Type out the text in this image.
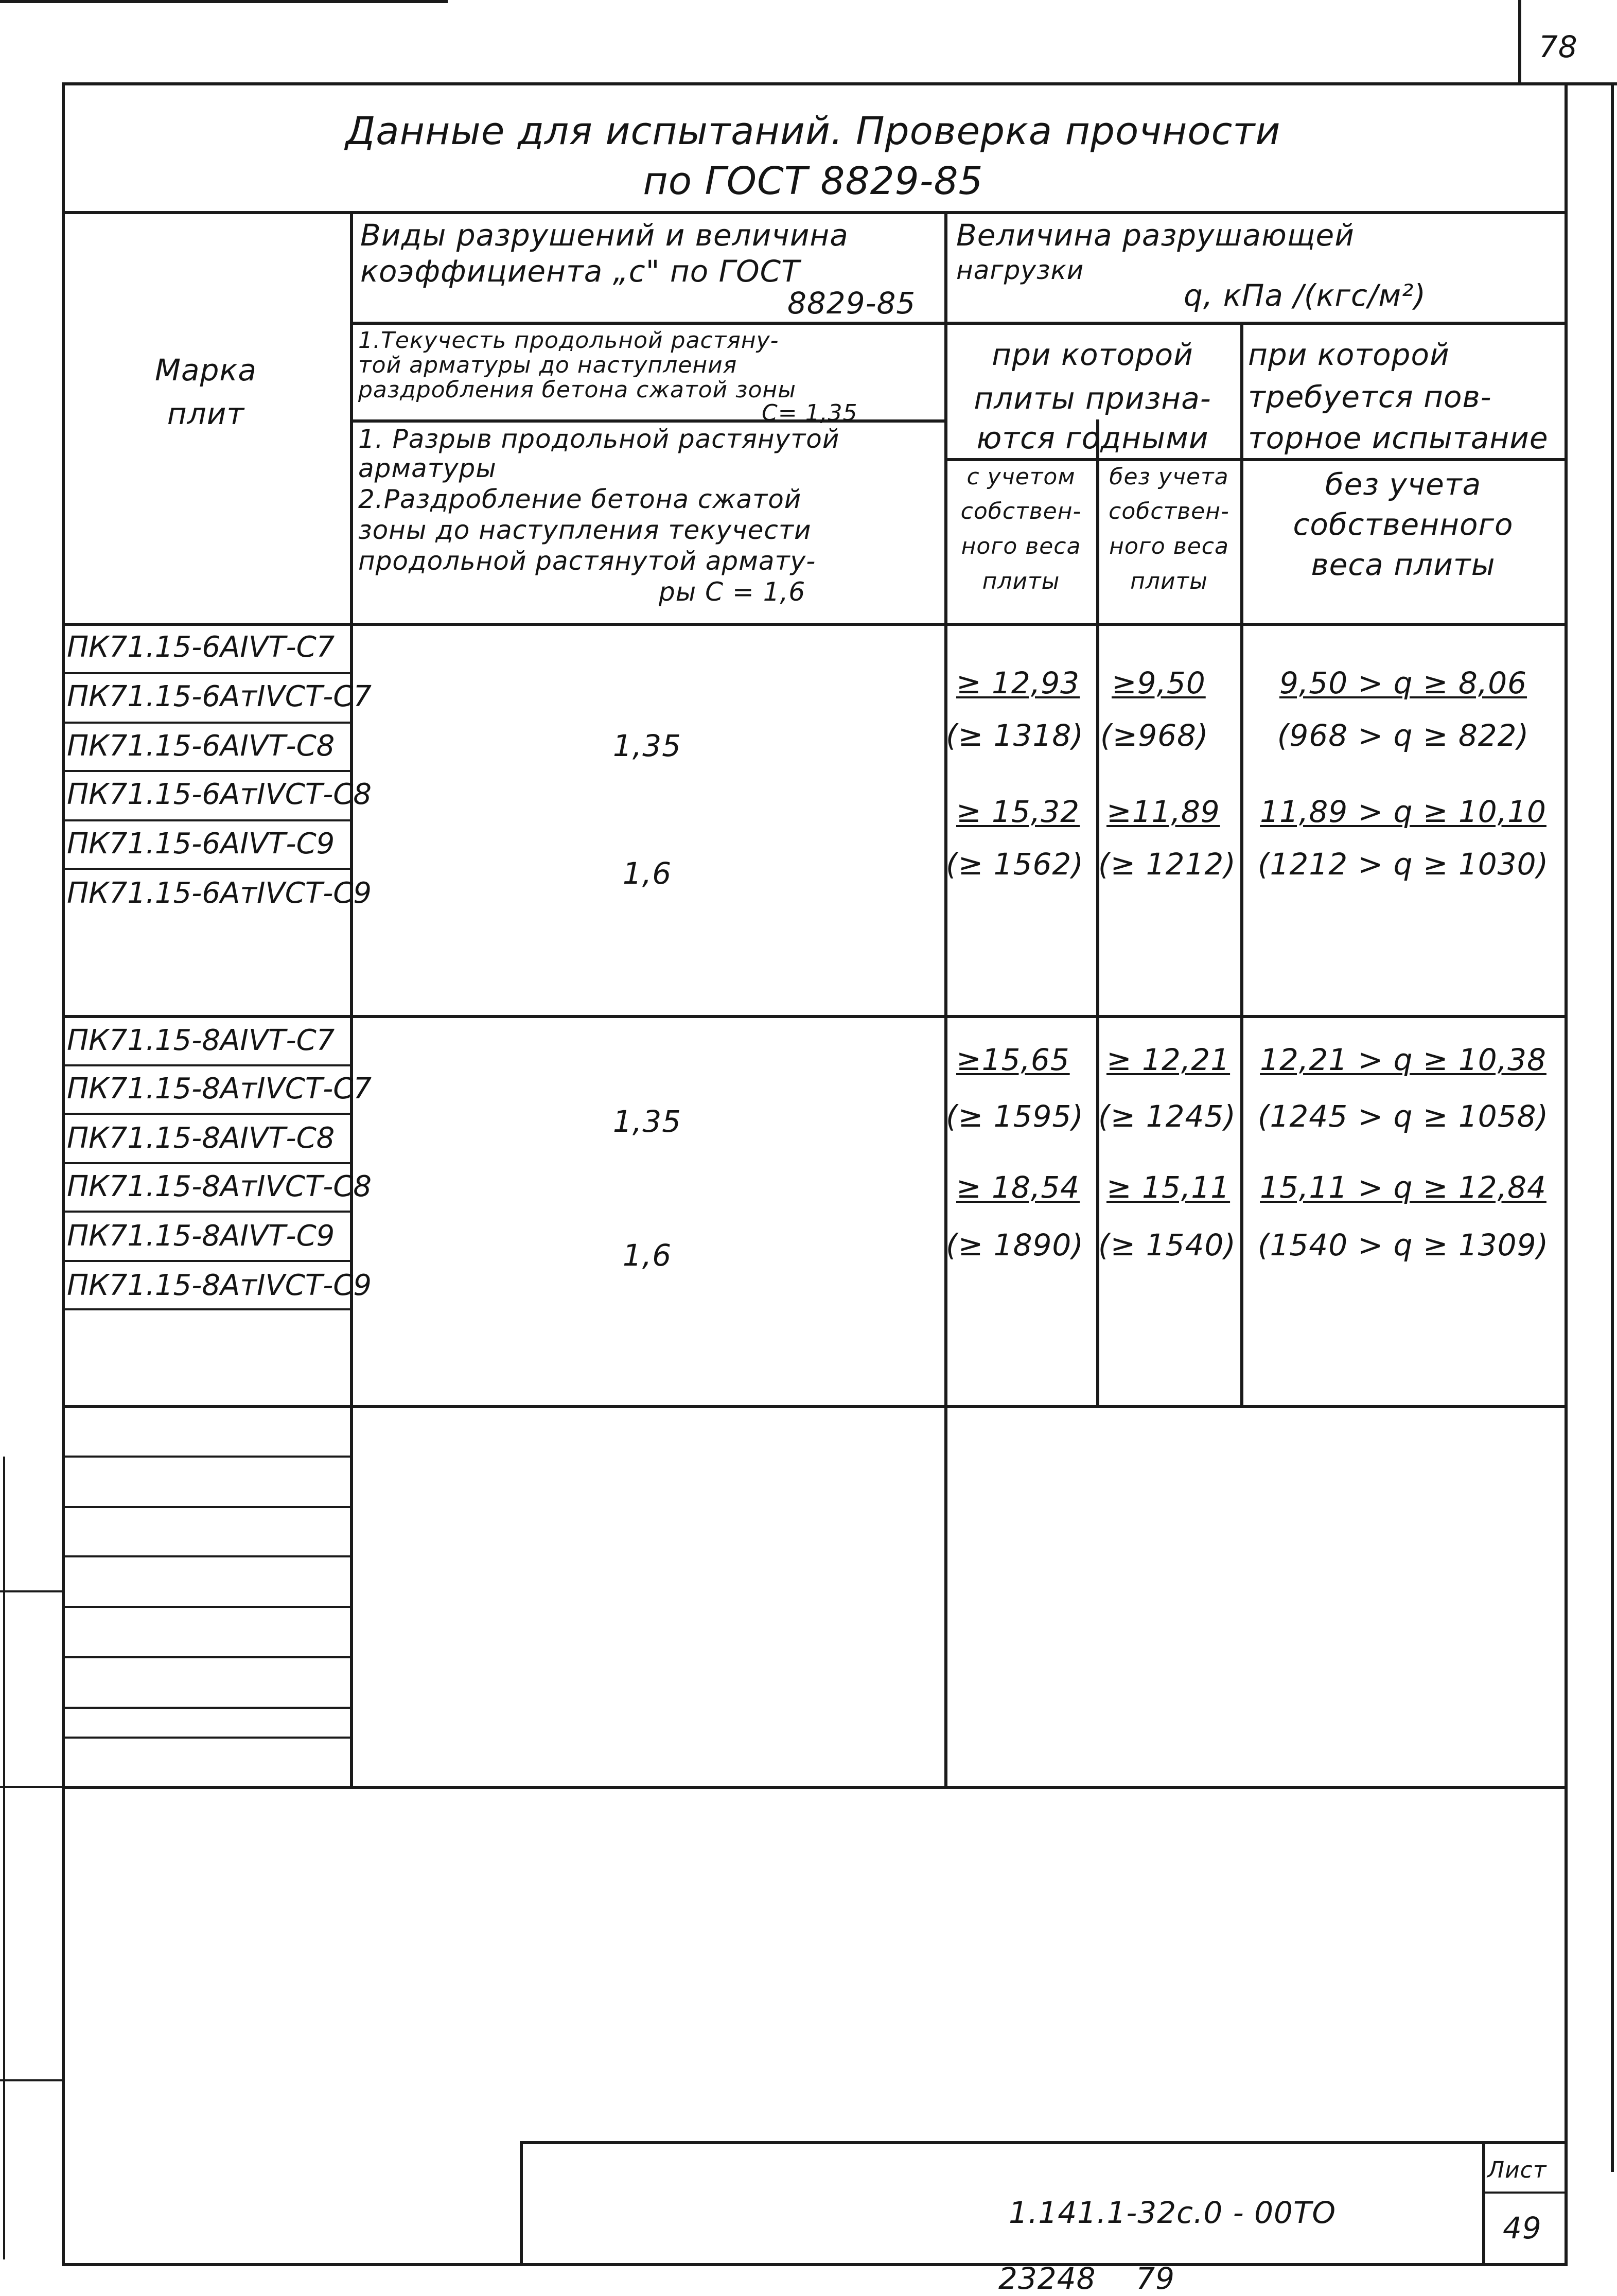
78
Данные для испытаний. Проверка прочности
по ГОСТ 8829-85
Марка
плит
Виды разрушений и величина
коэффициента „с" по ГОСТ
8829-85
Величина разрушающей
нагрузки
q, кПа /(кгс/м²)
1.Текучесть продольной растяну-
той арматуры до наступления
раздробления бетона сжатой зоны
С= 1,35
1. Разрыв продольной растянутой
арматуры
2.Раздробление бетона сжатой
зоны до наступления текучести
продольной растянутой армату-
ры С = 1,6
при которой
плиты призна-
ются годными
при которой
требуется пов-
торное испытание
с учетом
собствен-
ного веса
плиты
без учета
собствен-
ного веса
плиты
без учета
собственного
веса плиты
ПК71.15-6АIVТ-С7
ПК71.15-6АтIVСТ-С7
ПК71.15-6АIVТ-С8
ПК71.15-6АтIVСТ-С8
ПК71.15-6АIVТ-С9
ПК71.15-6АтIVСТ-С9
ПК71.15-8АIVТ-С7
ПК71.15-8АтIVСТ-С7
ПК71.15-8АIVТ-С8
ПК71.15-8АтIVСТ-С8
ПК71.15-8АIVТ-С9
ПК71.15-8АтIVСТ-С9
1,35
1,6
1,35
1,6
≥ 12,93
(≥ 1318)
≥9,50
(≥968)
9,50 > q ≥ 8,06
(968 > q ≥ 822)
≥ 15,32
(≥ 1562)
≥11,89
(≥ 1212)
11,89 > q ≥ 10,10
(1212 > q ≥ 1030)
≥15,65
(≥ 1595)
≥ 12,21
(≥ 1245)
12,21 > q ≥ 10,38
(1245 > q ≥ 1058)
≥ 18,54
(≥ 1890)
≥ 15,11
(≥ 1540)
15,11 > q ≥ 12,84
(1540 > q ≥ 1309)
1.141.1-32с.0 - 00ТО
Лист
49
23248    79
